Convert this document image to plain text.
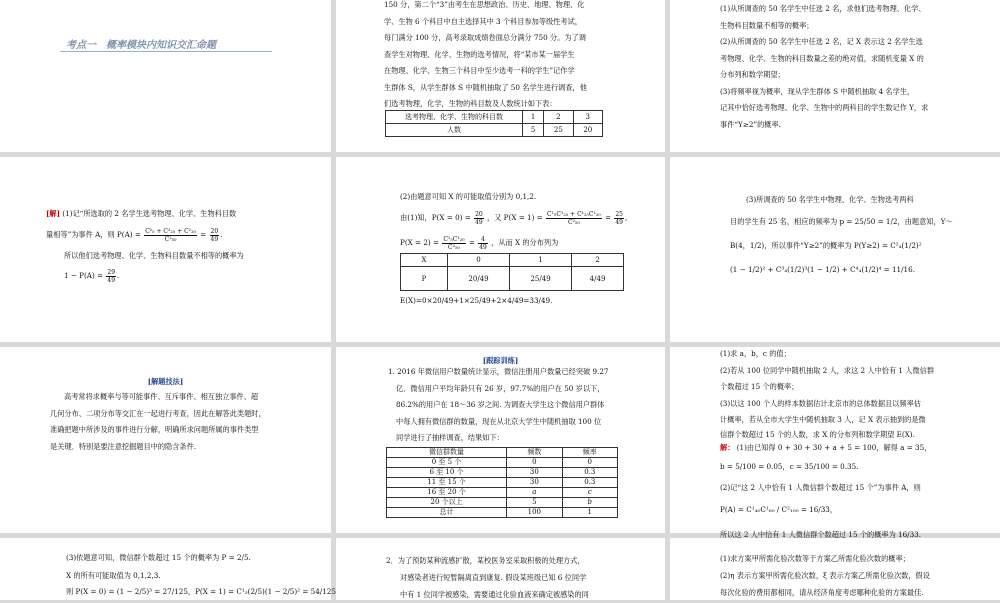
考点一　概率模块内知识交汇命题

150 分，第二个“3”由考生在思想政治、历史、地理、物理、化

学、生物 6 个科目中自主选择其中 3 个科目参加等级性考试，

每门满分 100 分，高考录取成绩卷面总分满分 750 分。为了调

查学生对物理、化学、生物的选考情况，将“某市某一届学生

在物理、化学、生物三个科目中至少选考一科的学生”记作学

生群体 S，从学生群体 S 中随机抽取了 50 名学生进行调查，他

们选考物理，化学，生物的科目数及人数统计如下表：

选考物理、化学、生物的科目数	1	2	3
人数	5	25	20

(1)从所调查的 50 名学生中任选 2 名，求他们选考物理、化学、

生物科目数量不相等的概率；

(2)从所调查的 50 名学生中任选 2 名，记 X 表示这 2 名学生选

考物理、化学、生物的科目数量之差的绝对值，求随机变量 X 的

分布列和数学期望；

(3)将频率视为概率，现从学生群体 S 中随机抽取 4 名学生，

记其中恰好选考物理、化学、生物中的两科目的学生数记作 Y，求

事件“Y≥2”的概率.

[解] (1)记“所选取的 2 名学生选考物理、化学、生物科目数
量相等”为事件 A，则 $P(A) = \frac{\text{C²₅ + C²₂₅ + C²₂₀}}{\text{C²₅₀}} = \frac{20}{49}$ .
所以他们选考物理、化学、生物科目数量不相等的概率为
$1 - P(A) = \frac{29}{49}$ .
(2)由题意可知 X 的可能取值分别为 0,1,2.
由(1)知，$P(X = 0) = \frac{20}{49}$ ，又 $P(X = 1) = \frac{\text{C¹₅C¹₂₅ + C¹₂₅C¹₂₀}}{\text{C²₅₀}} = \frac{25}{49}$ ,
$P(X = 2) = \frac{\text{C¹₅C¹₂₀}}{\text{C²₅₀}} = \frac{4}{49}$ ，从而 X 的分布列为
X	0	1	2
P	20/49	25/49	4/49
E(X)=0×20/49+1×25/49+2×4/49=33/49.
(3)所调查的 50 名学生中物理、化学、生物选考两科
目的学生有 25 名，相应的频率为 p = 25/50 = 1/2，由题意知，Y～
B(4，1/2)，所以事件“Y≥2”的概率为 P(Y≥2) = C²₄(1/2)²
(1 − 1/2)² + C³₄(1/2)³(1 − 1/2) + C⁴₄(1/2)⁴ = 11/16.
[解题技法]

高考常将求概率与等可能事件、互斥事件、相互独立事件、超

几何分布、二项分布等交汇在一起进行考查，因此在解答此类题时，

准确把题中所涉及的事件进行分解，明确所求问题所属的事件类型

是关键．特别是要注意挖掘题目中的隐含条件.

[跟踪训练]

1. 2016 年微信用户数量统计显示，微信注册用户数量已经突破 9.27

亿．微信用户平均年龄只有 26 岁，97.7%的用户在 50 岁以下，

86.2%的用户在 18～36 岁之间. 为调查大学生这个微信用户群体

中每人拥有微信群的数量，现在从北京大学生中随机抽取 100 位

同学进行了抽样调查，结果如下：

微信群数量	频数	频率
0 至 5 个	0	0
6 至 10 个	30	0.3
11 至 15 个	30	0.3
16 至 20 个	a	c
20 个以上	5	b
总计	100	1

(1)求 a，b，c 的值；

(2)若从 100 位同学中随机抽取 2 人，求这 2 人中恰有 1 人微信群

个数超过 15 个的概率；

(3)以这 100 个人的样本数据估计北京市的总体数据且以频率估

计概率，若从全市大学生中随机抽取 3 人，记 X 表示抽到的是微

信群个数超过 15 个的人数，求 X 的分布列和数学期望 E(X).

解： (1)由已知得 0 + 30 + 30 + a + 5 = 100，解得 a = 35，

b = 5/100 = 0.05，c = 35/100 = 0.35.

(2)记“这 2 人中恰有 1 人微信群个数超过 15 个”为事件 A，则

P(A) = C¹₄₀C¹₆₀ / C²₁₀₀ = 16/33，

所以这 2 人中恰有 1 人微信群个数超过 15 个的概率为 16/33.

(3)依题意可知，微信群个数超过 15 个的概率为 P = 2/5.

X 的所有可能取值为 0,1,2,3.

则 P(X = 0) = (1 − 2/5)³ = 27/125，P(X = 1) = C¹₃(2/5)(1 − 2/5)² = 54/125

2．为了预防某种流感扩散，某校医务室采取积极的处理方式，

对感染者进行短暂隔离直到康复. 假设某班级已知 6 位同学

中有 1 位同学被感染，需要通过化验血液来确定被感染的同

(1)求方案甲所需化验次数等于方案乙所需化验次数的概率；

(2)η 表示方案甲所需化验次数，ξ 表示方案乙所需化验次数，假设

每次化验的费用都相同，请从经济角度考虑哪种化验的方案最佳.
